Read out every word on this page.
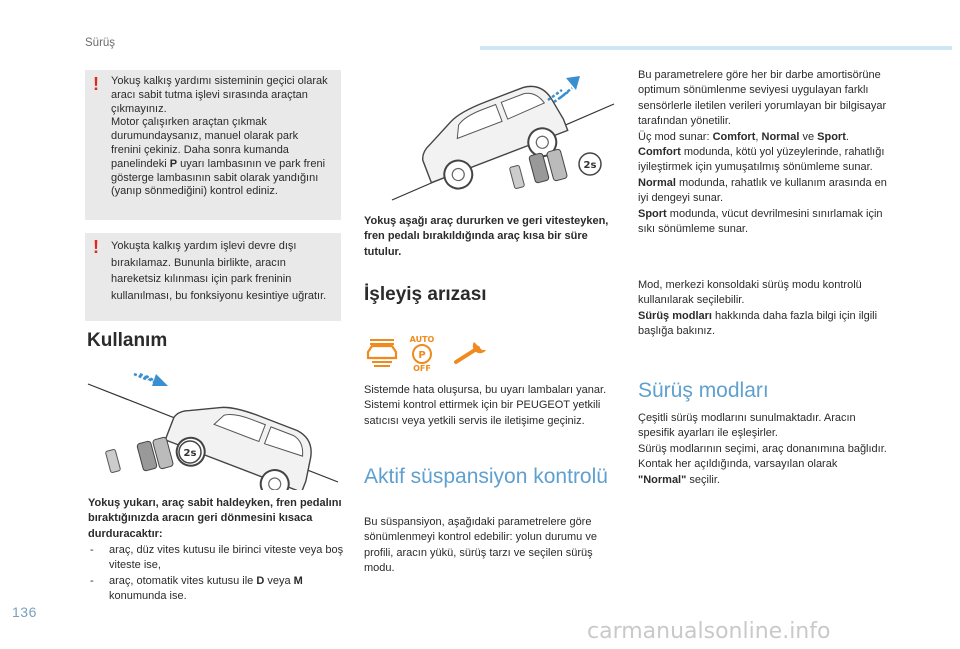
Sürüş
! Yokuş kalkış yardımı sisteminin geçici olarak aracı sabit tutma işlevi sırasında araçtan çıkmayınız.

Motor çalışırken araçtan çıkmak durumundaysanız, manuel olarak park frenini çekiniz. Daha sonra kumanda panelindeki P uyarı lambasının ve park freni gösterge lambasının sabit olarak yandığını (yanıp sönmediğini) kontrol ediniz.

! Yokuşta kalkış yardım işlevi devre dışı bırakılamaz. Bununla birlikte, aracın hareketsiz kılınması için park freninin kullanılması, bu fonksiyonu kesintiye uğratır.

Kullanım
2s
Yokuş yukarı, araç sabit haldeyken, fren pedalını bıraktığınızda aracın geri dönmesini kısaca durduracaktır:
- araç, düz vites kutusu ile birinci viteste veya boş viteste ise,
- araç, otomatik vites kutusu ile D veya M konumunda ise.
2s
Yokuş aşağı araç dururken ve geri vitesteyken, fren pedalı bırakıldığında araç kısa bir süre tutulur.
İşleyiş arızası
AUTO
P
OFF

Sistemde hata oluşursa, bu uyarı lambaları yanar.

Sistemi kontrol ettirmek için bir PEUGEOT yetkili satıcısı veya yetkili servis ile iletişime geçiniz.

Aktif süspansiyon kontrolü
Bu süspansiyon, aşağıdaki parametrelere göre sönümlenmeyi kontrol edebilir: yolun durumu ve profili, aracın yükü, sürüş tarzı ve seçilen sürüş modu.

Bu parametrelere göre her bir darbe amortisörüne optimum sönümlenme seviyesi uygulayan farklı sensörlerle iletilen verileri yorumlayan bir bilgisayar tarafından yönetilir.

Üç mod sunar: Comfort, Normal ve Sport.

Comfort modunda, kötü yol yüzeylerinde, rahatlığı iyileştirmek için yumuşatılmış sönümleme sunar.

Normal modunda, rahatlık ve kullanım arasında en iyi dengeyi sunar.

Sport modunda, vücut devrilmesini sınırlamak için sıkı sönümleme sunar.

Mod, merkezi konsoldaki sürüş modu kontrolü kullanılarak seçilebilir.

Sürüş modları hakkında daha fazla bilgi için ilgili başlığa bakınız.

Sürüş modları

Çeşitli sürüş modlarını sunulmaktadır. Aracın spesifik ayarları ile eşleşirler.

Sürüş modlarının seçimi, araç donanımına bağlıdır.

Kontak her açıldığında, varsayılan olarak "Normal" seçilir.

136
carmanualsonline.info
